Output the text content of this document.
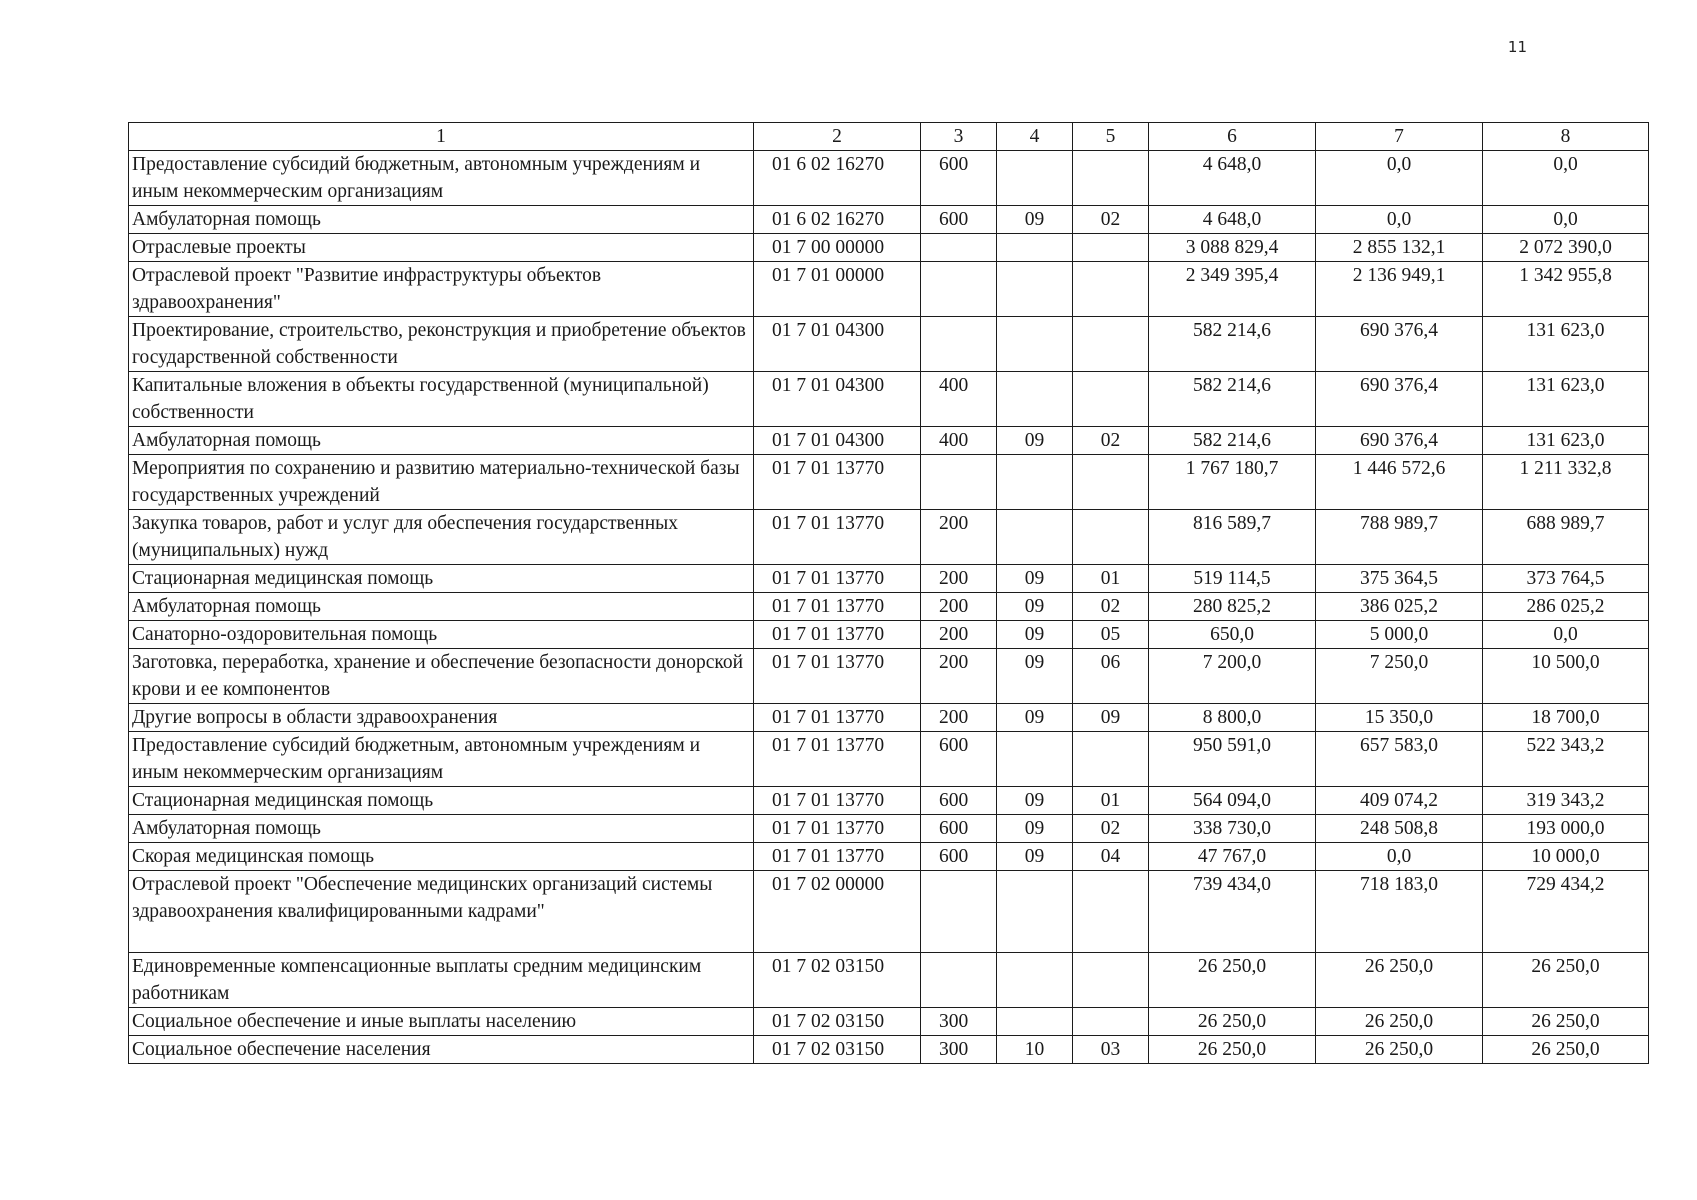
11
1	2	3	4	5	6	7	8
Предоставление субсидий бюджетным, автономным учреждениям и иным некоммерческим организациям	01 6 02 16270	600			4 648,0	0,0	0,0
Амбулаторная помощь	01 6 02 16270	600	09	02	4 648,0	0,0	0,0
Отраслевые проекты	01 7 00 00000				3 088 829,4	2 855 132,1	2 072 390,0
Отраслевой проект "Развитие инфраструктуры объектов здравоохранения"	01 7 01 00000				2 349 395,4	2 136 949,1	1 342 955,8
Проектирование, строительство, реконструкция и приобретение объектов государственной собственности	01 7 01 04300				582 214,6	690 376,4	131 623,0
Капитальные вложения в объекты государственной (муниципальной) собственности	01 7 01 04300	400			582 214,6	690 376,4	131 623,0
Амбулаторная помощь	01 7 01 04300	400	09	02	582 214,6	690 376,4	131 623,0
Мероприятия по сохранению и развитию материально-технической базы государственных учреждений	01 7 01 13770				1 767 180,7	1 446 572,6	1 211 332,8
Закупка товаров, работ и услуг для обеспечения государственных (муниципальных) нужд	01 7 01 13770	200			816 589,7	788 989,7	688 989,7
Стационарная медицинская помощь	01 7 01 13770	200	09	01	519 114,5	375 364,5	373 764,5
Амбулаторная помощь	01 7 01 13770	200	09	02	280 825,2	386 025,2	286 025,2
Санаторно-оздоровительная помощь	01 7 01 13770	200	09	05	650,0	5 000,0	0,0
Заготовка, переработка, хранение и обеспечение безопасности донорской крови и ее компонентов	01 7 01 13770	200	09	06	7 200,0	7 250,0	10 500,0
Другие вопросы в области здравоохранения	01 7 01 13770	200	09	09	8 800,0	15 350,0	18 700,0
Предоставление субсидий бюджетным, автономным учреждениям и иным некоммерческим организациям	01 7 01 13770	600			950 591,0	657 583,0	522 343,2
Стационарная медицинская помощь	01 7 01 13770	600	09	01	564 094,0	409 074,2	319 343,2
Амбулаторная помощь	01 7 01 13770	600	09	02	338 730,0	248 508,8	193 000,0
Скорая медицинская помощь	01 7 01 13770	600	09	04	47 767,0	0,0	10 000,0
Отраслевой проект "Обеспечение медицинских организаций системы здравоохранения квалифицированными кадрами"	01 7 02 00000				739 434,0	718 183,0	729 434,2
Единовременные компенсационные выплаты средним медицинским работникам	01 7 02 03150				26 250,0	26 250,0	26 250,0
Социальное обеспечение и иные выплаты населению	01 7 02 03150	300			26 250,0	26 250,0	26 250,0
Социальное обеспечение населения	01 7 02 03150	300	10	03	26 250,0	26 250,0	26 250,0
